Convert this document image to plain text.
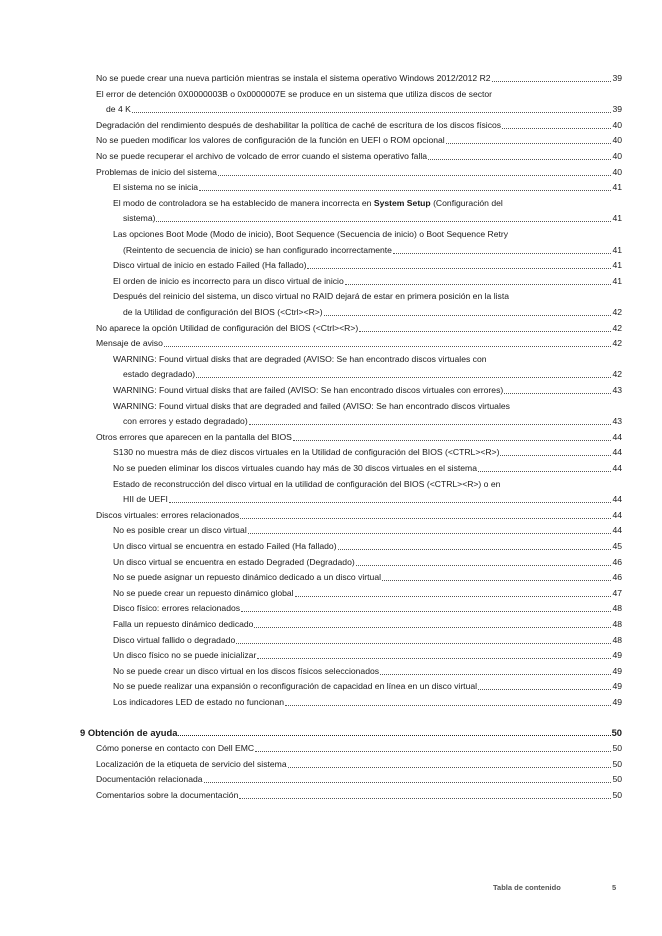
No se puede crear una nueva partición mientras se instala el sistema operativo Windows 2012/2012 R2	39
El error de detención 0X0000003B o 0x0000007E se produce en un sistema que utiliza discos de sector
de 4 K	39
Degradación del rendimiento después de deshabilitar la política de caché de escritura de los discos físicos	40
No se pueden modificar los valores de configuración de la función en UEFI o ROM opcional	40
No se puede recuperar el archivo de volcado de error cuando el sistema operativo falla	40
Problemas de inicio del sistema	40
El sistema no se inicia	41
El modo de controladora se ha establecido de manera incorrecta en System Setup (Configuración del
sistema)	41
Las opciones Boot Mode (Modo de inicio), Boot Sequence (Secuencia de inicio) o Boot Sequence Retry
(Reintento de secuencia de inicio) se han configurado incorrectamente	41
Disco virtual de inicio en estado Failed (Ha fallado)	41
El orden de inicio es incorrecto para un disco virtual de inicio	41
Después del reinicio del sistema, un disco virtual no RAID dejará de estar en primera posición en la lista
de la Utilidad de configuración del BIOS (<Ctrl><R>)	42
No aparece la opción Utilidad de configuración del BIOS (<Ctrl><R>)	42
Mensaje de aviso	42
WARNING: Found virtual disks that are degraded (AVISO: Se han encontrado discos virtuales con
estado degradado)	42
WARNING: Found virtual disks that are failed (AVISO: Se han encontrado discos virtuales con errores)	43
WARNING: Found virtual disks that are degraded and failed (AVISO: Se han encontrado discos virtuales
con errores y estado degradado)	43
Otros errores que aparecen en la pantalla del BIOS	44
S130 no muestra más de diez discos virtuales en la Utilidad de configuración del BIOS (<CTRL><R>)	44
No se pueden eliminar los discos virtuales cuando hay más de 30 discos virtuales en el sistema	44
Estado de reconstrucción del disco virtual en la utilidad de configuración del BIOS (<CTRL><R>) o en
HII de UEFI	44
Discos virtuales: errores relacionados	44
No es posible crear un disco virtual	44
Un disco virtual se encuentra en estado Failed (Ha fallado)	45
Un disco virtual se encuentra en estado Degraded (Degradado)	46
No se puede asignar un repuesto dinámico dedicado a un disco virtual	46
No se puede crear un repuesto dinámico global	47
Disco físico: errores relacionados	48
Falla un repuesto dinámico dedicado	48
Disco virtual fallido o degradado	48
Un disco físico no se puede inicializar	49
No se puede crear un disco virtual en los discos físicos seleccionados	49
No se puede realizar una expansión o reconfiguración de capacidad en línea en un disco virtual	49
Los indicadores LED de estado no funcionan	49
9 Obtención de ayuda	50
Cómo ponerse en contacto con Dell EMC	50
Localización de la etiqueta de servicio del sistema	50
Documentación relacionada	50
Comentarios sobre la documentación	50
Tabla de contenido	5
